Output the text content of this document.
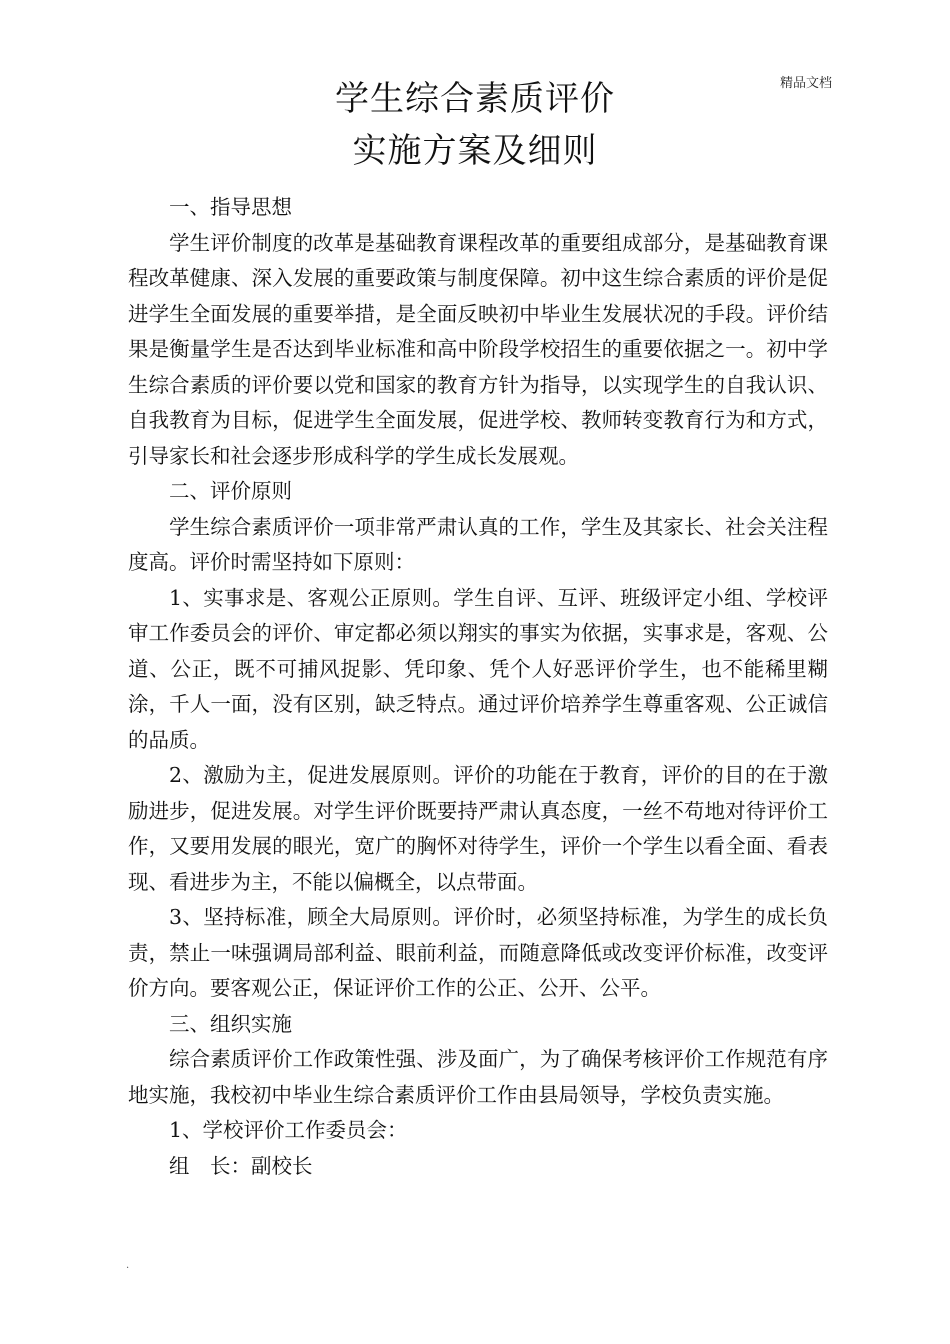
精品文档
学生综合素质评价
实施方案及细则

一、指导思想

学生评价制度的改革是基础教育课程改革的重要组成部分，是基础教育课程改革健康、深入发展的重要政策与制度保障。初中这生综合素质的评价是促进学生全面发展的重要举措，是全面反映初中毕业生发展状况的手段。评价结果是衡量学生是否达到毕业标准和高中阶段学校招生的重要依据之一。初中学生综合素质的评价要以党和国家的教育方针为指导，以实现学生的自我认识、自我教育为目标，促进学生全面发展，促进学校、教师转变教育行为和方式，引导家长和社会逐步形成科学的学生成长发展观。

二、评价原则

学生综合素质评价一项非常严肃认真的工作，学生及其家长、社会关注程度高。评价时需坚持如下原则：

1、实事求是、客观公正原则。学生自评、互评、班级评定小组、学校评审工作委员会的评价、审定都必须以翔实的事实为依据，实事求是，客观、公道、公正，既不可捕风捉影、凭印象、凭个人好恶评价学生，也不能稀里糊涂，千人一面，没有区别，缺乏特点。通过评价培养学生尊重客观、公正诚信的品质。

2、激励为主，促进发展原则。评价的功能在于教育，评价的目的在于激励进步，促进发展。对学生评价既要持严肃认真态度，一丝不苟地对待评价工作，又要用发展的眼光，宽广的胸怀对待学生，评价一个学生以看全面、看表现、看进步为主，不能以偏概全，以点带面。

3、坚持标准，顾全大局原则。评价时，必须坚持标准，为学生的成长负责，禁止一味强调局部利益、眼前利益，而随意降低或改变评价标准，改变评价方向。要客观公正，保证评价工作的公正、公开、公平。

三、组织实施

综合素质评价工作政策性强、涉及面广，为了确保考核评价工作规范有序地实施，我校初中毕业生综合素质评价工作由县局领导，学校负责实施。

1、学校评价工作委员会：

组　长：副校长

.
